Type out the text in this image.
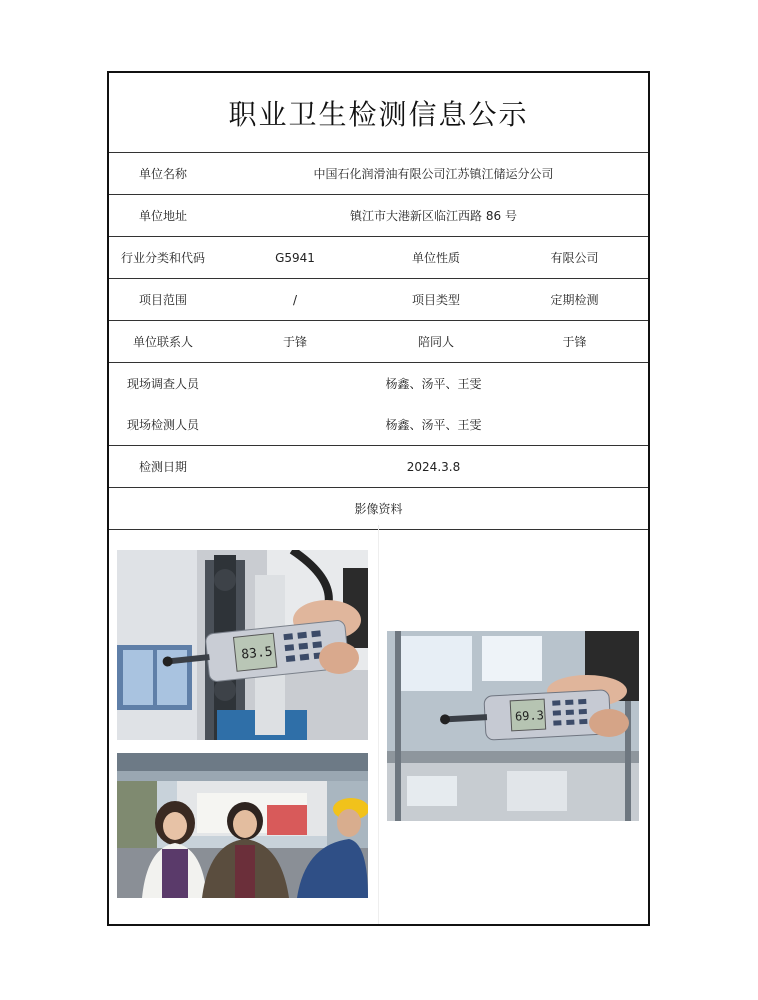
职业卫生检测信息公示
单位名称	中国石化润滑油有限公司江苏镇江储运分公司
单位地址	镇江市大港新区临江西路 86 号
行业分类和代码	G5941	单位性质	有限公司
项目范围	/	项目类型	定期检测
单位联系人	于锋	陪同人	于锋
现场调查人员	杨鑫、汤平、王雯
现场检测人员	杨鑫、汤平、王雯
检测日期	2024.3.8
影像资料
83.5
69.3
